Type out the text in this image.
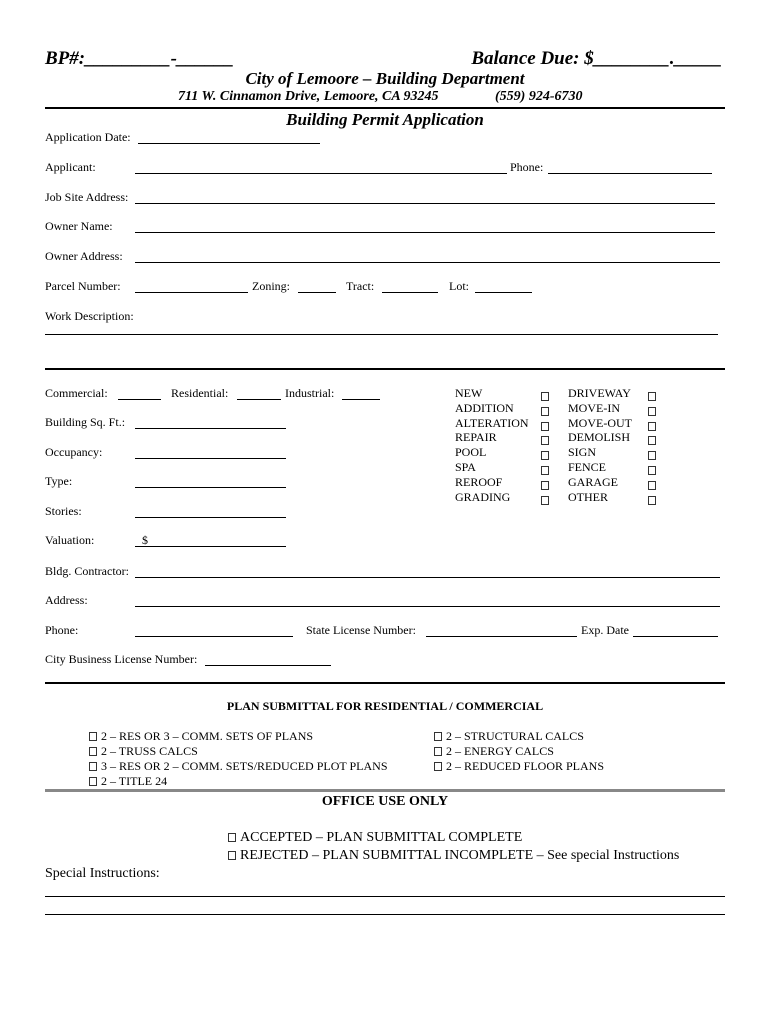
BP#:_________-______	Balance Due: $________._____
City of Lemoore – Building Department
711 W. Cinnamon Drive, Lemoore, CA 93245	(559) 924-6730
Building Permit Application
Application Date:
Applicant:	Phone:
Job Site Address:
Owner Name:
Owner Address:
Parcel Number:	Zoning:	Tract:	Lot:
Work Description:
Commercial:	Residential:	Industrial:
Building Sq. Ft.:
Occupancy:
Type:
Stories:
Valuation:	$
NEW
ADDITION
ALTERATION
REPAIR
POOL
SPA
REROOF
GRADING
DRIVEWAY
MOVE-IN
MOVE-OUT
DEMOLISH
SIGN
FENCE
GARAGE
OTHER
Bldg. Contractor:
Address:
Phone:	State License Number:	Exp. Date
City Business License Number:
PLAN SUBMITTAL FOR RESIDENTIAL / COMMERCIAL
2 – RES OR 3 – COMM. SETS OF PLANS
2 – TRUSS CALCS
3 – RES OR 2 – COMM. SETS/REDUCED PLOT PLANS
2 – TITLE 24
2 – STRUCTURAL CALCS
2 – ENERGY CALCS
2 – REDUCED FLOOR PLANS
OFFICE USE ONLY
ACCEPTED – PLAN SUBMITTAL COMPLETE
REJECTED – PLAN SUBMITTAL INCOMPLETE – See special Instructions
Special Instructions:
